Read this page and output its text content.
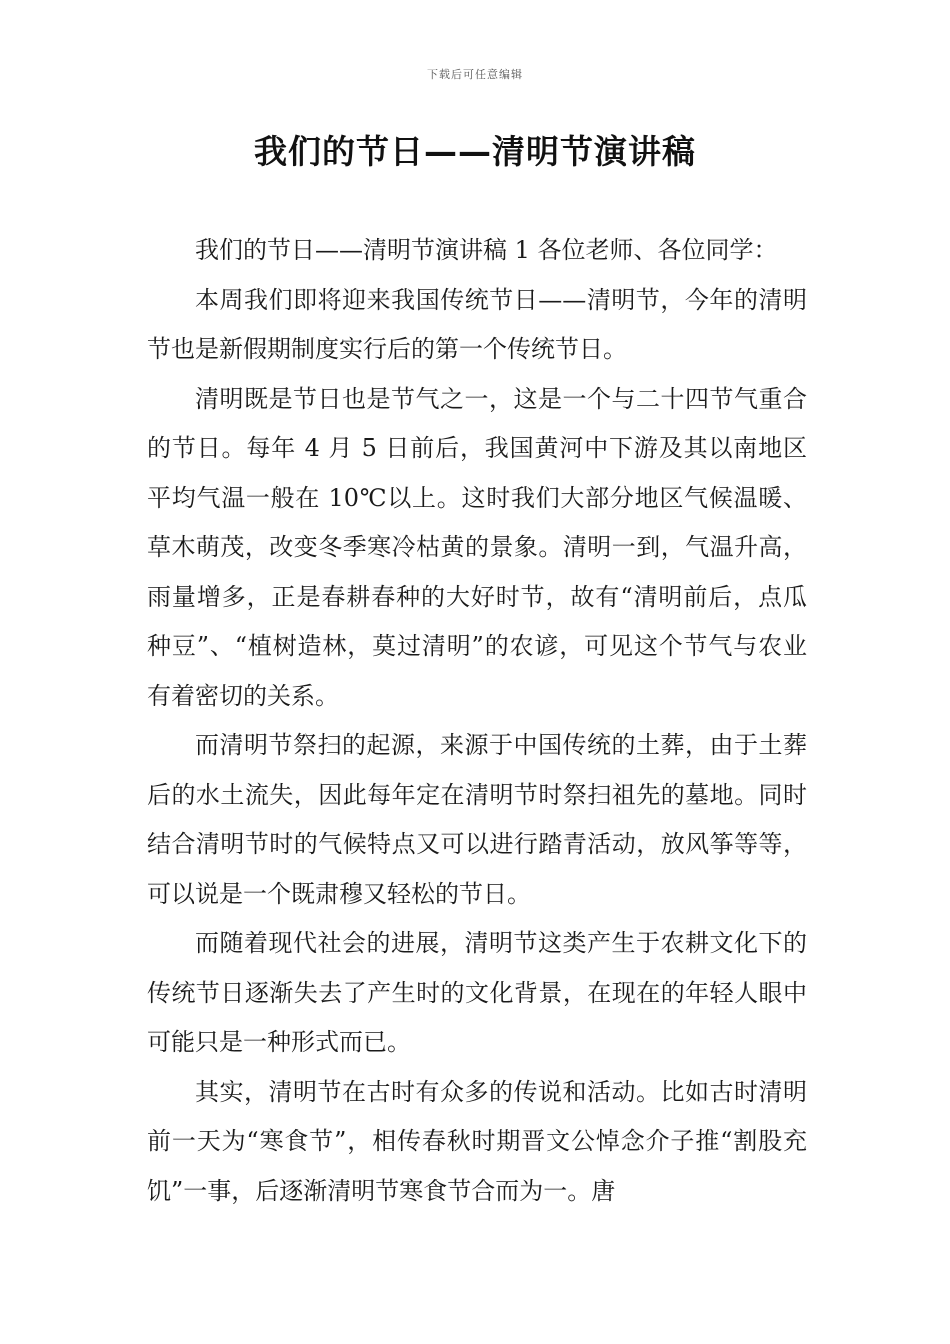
下载后可任意编辑
我们的节日——清明节演讲稿

我们的节日——清明节演讲稿 1 各位老师、各位同学：

本周我们即将迎来我国传统节日——清明节，今年的清明节也是新假期制度实行后的第一个传统节日。

清明既是节日也是节气之一，这是一个与二十四节气重合的节日。每年 4 月 5 日前后，我国黄河中下游及其以南地区平均气温一般在 10℃以上。这时我们大部分地区气候温暖、草木萌茂，改变冬季寒冷枯黄的景象。清明一到，气温升高，雨量增多，正是春耕春种的大好时节，故有“清明前后，点瓜种豆”、“植树造林，莫过清明”的农谚，可见这个节气与农业有着密切的关系。

而清明节祭扫的起源，来源于中国传统的土葬，由于土葬后的水土流失，因此每年定在清明节时祭扫祖先的墓地。同时结合清明节时的气候特点又可以进行踏青活动，放风筝等等，可以说是一个既肃穆又轻松的节日。

而随着现代社会的进展，清明节这类产生于农耕文化下的传统节日逐渐失去了产生时的文化背景，在现在的年轻人眼中可能只是一种形式而已。

其实，清明节在古时有众多的传说和活动。比如古时清明前一天为“寒食节”，相传春秋时期晋文公悼念介子推“割股充饥”一事，后逐渐清明节寒食节合而为一。唐
